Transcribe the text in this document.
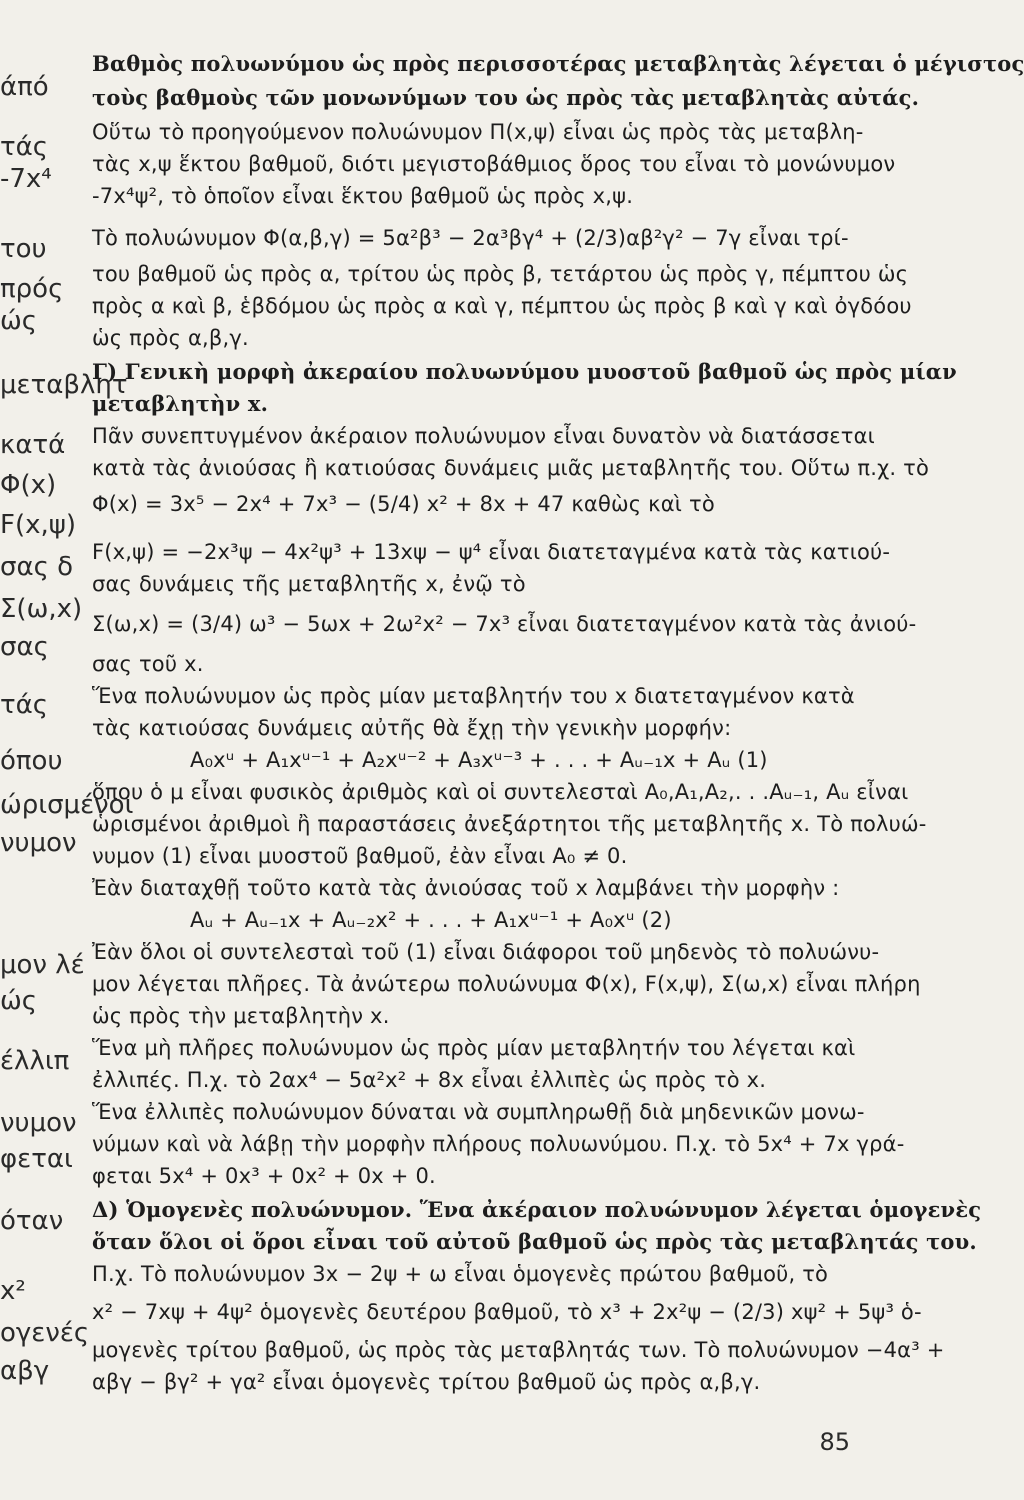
Βαθμὸς πολυωνύμου ὡς πρὸς περισσοτέρας μεταβλητὰς λέγεται ὁ μέγιστος
τοὺς βαθμοὺς τῶν μονωνύμων του ὡς πρὸς τὰς μεταβλητὰς αὐτάς.
Οὕτω τὸ προηγούμενον πολυώνυμον Π(x,ψ) εἶναι ὡς πρὸς τὰς μεταβλη-
τὰς x,ψ ἕκτου βαθμοῦ, διότι μεγιστοβάθμιος ὅρος του εἶναι τὸ μονώνυμον
-7x⁴ψ², τὸ ὁποῖον εἶναι ἕκτου βαθμοῦ ὡς πρὸς x,ψ.
Τὸ πολυώνυμον Φ(α,β,γ) = 5α²β³ − 2α³βγ⁴ + (2/3)αβ²γ² − 7γ εἶναι τρί-
του βαθμοῦ ὡς πρὸς α, τρίτου ὡς πρὸς β, τετάρτου ὡς πρὸς γ, πέμπτου ὡς
πρὸς α καὶ β, ἑβδόμου ὡς πρὸς α καὶ γ, πέμπτου ὡς πρὸς β καὶ γ καὶ ὀγδόου
ὡς πρὸς α,β,γ.
Γ) Γενικὴ μορφὴ ἀκεραίου πολυωνύμου μυοστοῦ βαθμοῦ ὡς πρὸς μίαν
μεταβλητὴν x.
Πᾶν συνεπτυγμένον ἀκέραιον πολυώνυμον εἶναι δυνατὸν νὰ διατάσσεται
κατὰ τὰς ἀνιούσας ἢ κατιούσας δυνάμεις μιᾶς μεταβλητῆς του. Οὕτω π.χ. τὸ
Φ(x) = 3x⁵ − 2x⁴ + 7x³ − (5/4) x² + 8x + 47 καθὼς καὶ τὸ
F(x,ψ) = −2x³ψ − 4x²ψ³ + 13xψ − ψ⁴ εἶναι διατεταγμένα κατὰ τὰς κατιού-
σας δυνάμεις τῆς μεταβλητῆς x, ἐνῷ τὸ
Σ(ω,x) = (3/4) ω³ − 5ωx + 2ω²x² − 7x³ εἶναι διατεταγμένον κατὰ τὰς ἀνιού-
σας τοῦ x.
Ἕνα πολυώνυμον ὡς πρὸς μίαν μεταβλητήν του x διατεταγμένον κατὰ
τὰς κατιούσας δυνάμεις αὐτῆς θὰ ἔχῃ τὴν γενικὴν μορφήν:
A₀xᵘ + A₁xᵘ⁻¹ + A₂xᵘ⁻² + A₃xᵘ⁻³ + . . . + Aᵤ₋₁x + Aᵤ (1)
ὅπου ὁ μ εἶναι φυσικὸς ἀριθμὸς καὶ οἱ συντελεσταὶ A₀,A₁,A₂,. . .Aᵤ₋₁, Aᵤ εἶναι
ὡρισμένοι ἀριθμοὶ ἢ παραστάσεις ἀνεξάρτητοι τῆς μεταβλητῆς x. Τὸ πολυώ-
νυμον (1) εἶναι μυοστοῦ βαθμοῦ, ἐὰν εἶναι A₀ ≠ 0.
Ἐὰν διαταχθῇ τοῦτο κατὰ τὰς ἀνιούσας τοῦ x λαμβάνει τὴν μορφὴν :
Aᵤ + Aᵤ₋₁x + Aᵤ₋₂x² + . . . + A₁xᵘ⁻¹ + A₀xᵘ (2)
Ἐὰν ὅλοι οἱ συντελεσταὶ τοῦ (1) εἶναι διάφοροι τοῦ μηδενὸς τὸ πολυώνυ-
μον λέγεται πλῆρες. Τὰ ἀνώτερω πολυώνυμα Φ(x), F(x,ψ), Σ(ω,x) εἶναι πλήρη
ὡς πρὸς τὴν μεταβλητὴν x.
Ἕνα μὴ πλῆρες πολυώνυμον ὡς πρὸς μίαν μεταβλητήν του λέγεται καὶ
ἐλλιπές. Π.χ. τὸ 2αx⁴ − 5α²x² + 8x εἶναι ἐλλιπὲς ὡς πρὸς τὸ x.
Ἕνα ἐλλιπὲς πολυώνυμον δύναται νὰ συμπληρωθῇ διὰ μηδενικῶν μονω-
νύμων καὶ νὰ λάβῃ τὴν μορφὴν πλήρους πολυωνύμου. Π.χ. τὸ 5x⁴ + 7x γρά-
φεται 5x⁴ + 0x³ + 0x² + 0x + 0.
Δ) Ὁμογενὲς πολυώνυμον. Ἕνα ἀκέραιον πολυώνυμον λέγεται ὁμογενὲς
ὅταν ὅλοι οἱ ὅροι εἶναι τοῦ αὐτοῦ βαθμοῦ ὡς πρὸς τὰς μεταβλητάς του.
Π.χ. Τὸ πολυώνυμον 3x − 2ψ + ω εἶναι ὁμογενὲς πρώτου βαθμοῦ, τὸ
x² − 7xψ + 4ψ² ὁμογενὲς δευτέρου βαθμοῦ, τὸ x³ + 2x²ψ − (2/3) xψ² + 5ψ³ ὁ-
μογενὲς τρίτου βαθμοῦ, ὡς πρὸς τὰς μεταβλητάς των. Τὸ πολυώνυμον −4α³ +
αβγ − βγ² + γα² εἶναι ὁμογενὲς τρίτου βαθμοῦ ὡς πρὸς α,β,γ.
άπό
τάς
-7x⁴
του
πρός
ώς
μεταβλητ
κατά
Φ(x)
F(x,ψ)
σας δ
Σ(ω,x)
σας
τάς
όπου
ώρισμένοι
νυμον
μον λέ
ώς
έλλιπ
νυμον
φεται
όταν
x²
ογενές
αβγ
85
